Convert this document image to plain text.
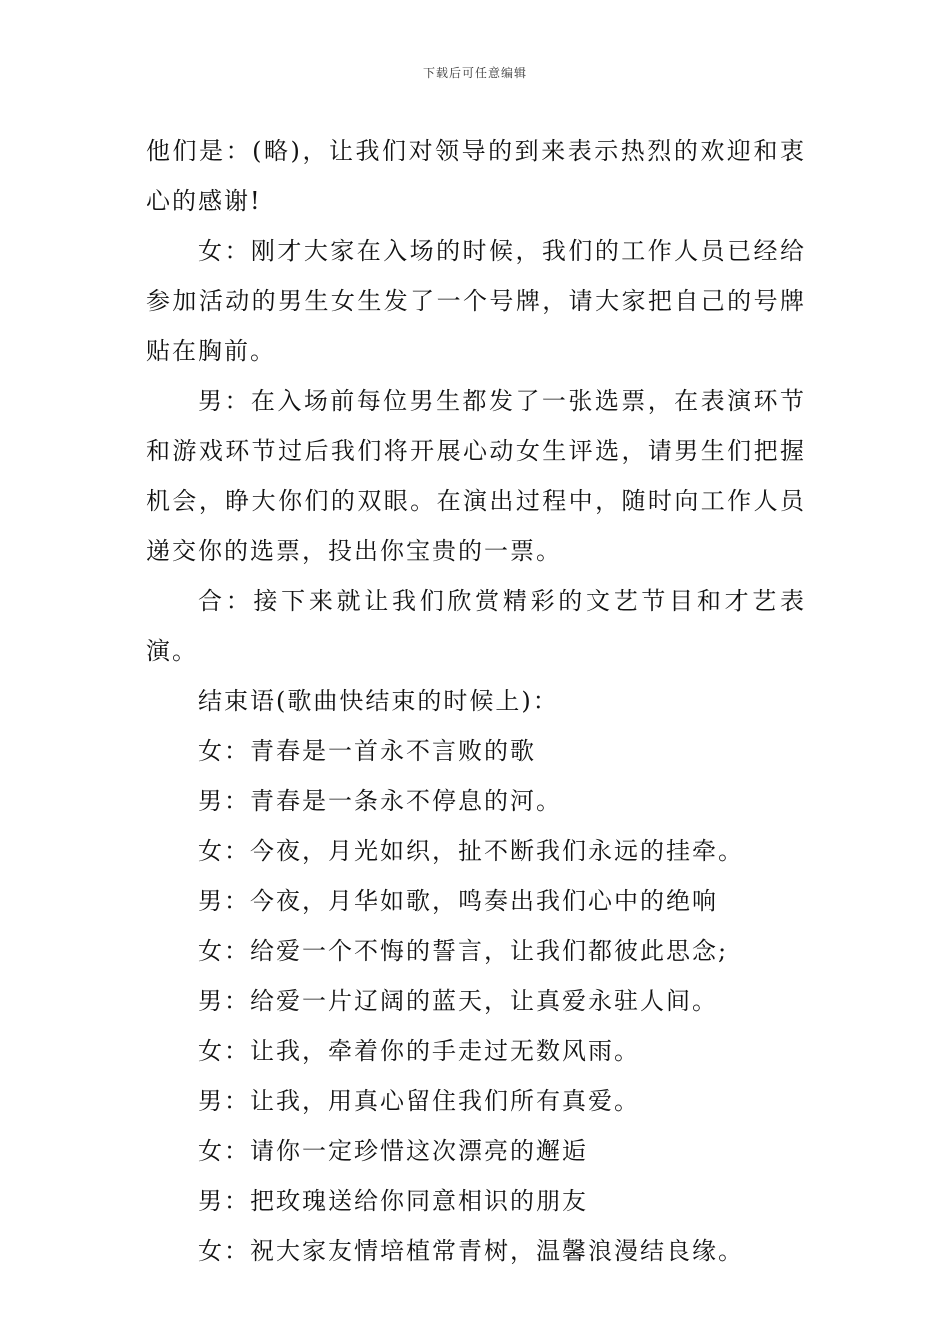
下载后可任意编辑

他们是：(略)，让我们对领导的到来表示热烈的欢迎和衷心的感谢!

女：刚才大家在入场的时候，我们的工作人员已经给参加活动的男生女生发了一个号牌，请大家把自己的号牌贴在胸前。

男：在入场前每位男生都发了一张选票，在表演环节和游戏环节过后我们将开展心动女生评选，请男生们把握机会，睁大你们的双眼。在演出过程中，随时向工作人员递交你的选票，投出你宝贵的一票。

合：接下来就让我们欣赏精彩的文艺节目和才艺表演。

结束语(歌曲快结束的时候上)：

女：青春是一首永不言败的歌

男：青春是一条永不停息的河。

女：今夜，月光如织，扯不断我们永远的挂牵。

男：今夜，月华如歌，鸣奏出我们心中的绝响

女：给爱一个不悔的誓言，让我们都彼此思念;

男：给爱一片辽阔的蓝天，让真爱永驻人间。

女：让我，牵着你的手走过无数风雨。

男：让我，用真心留住我们所有真爱。

女：请你一定珍惜这次漂亮的邂逅

男：把玫瑰送给你同意相识的朋友

女：祝大家友情培植常青树，温馨浪漫结良缘。
